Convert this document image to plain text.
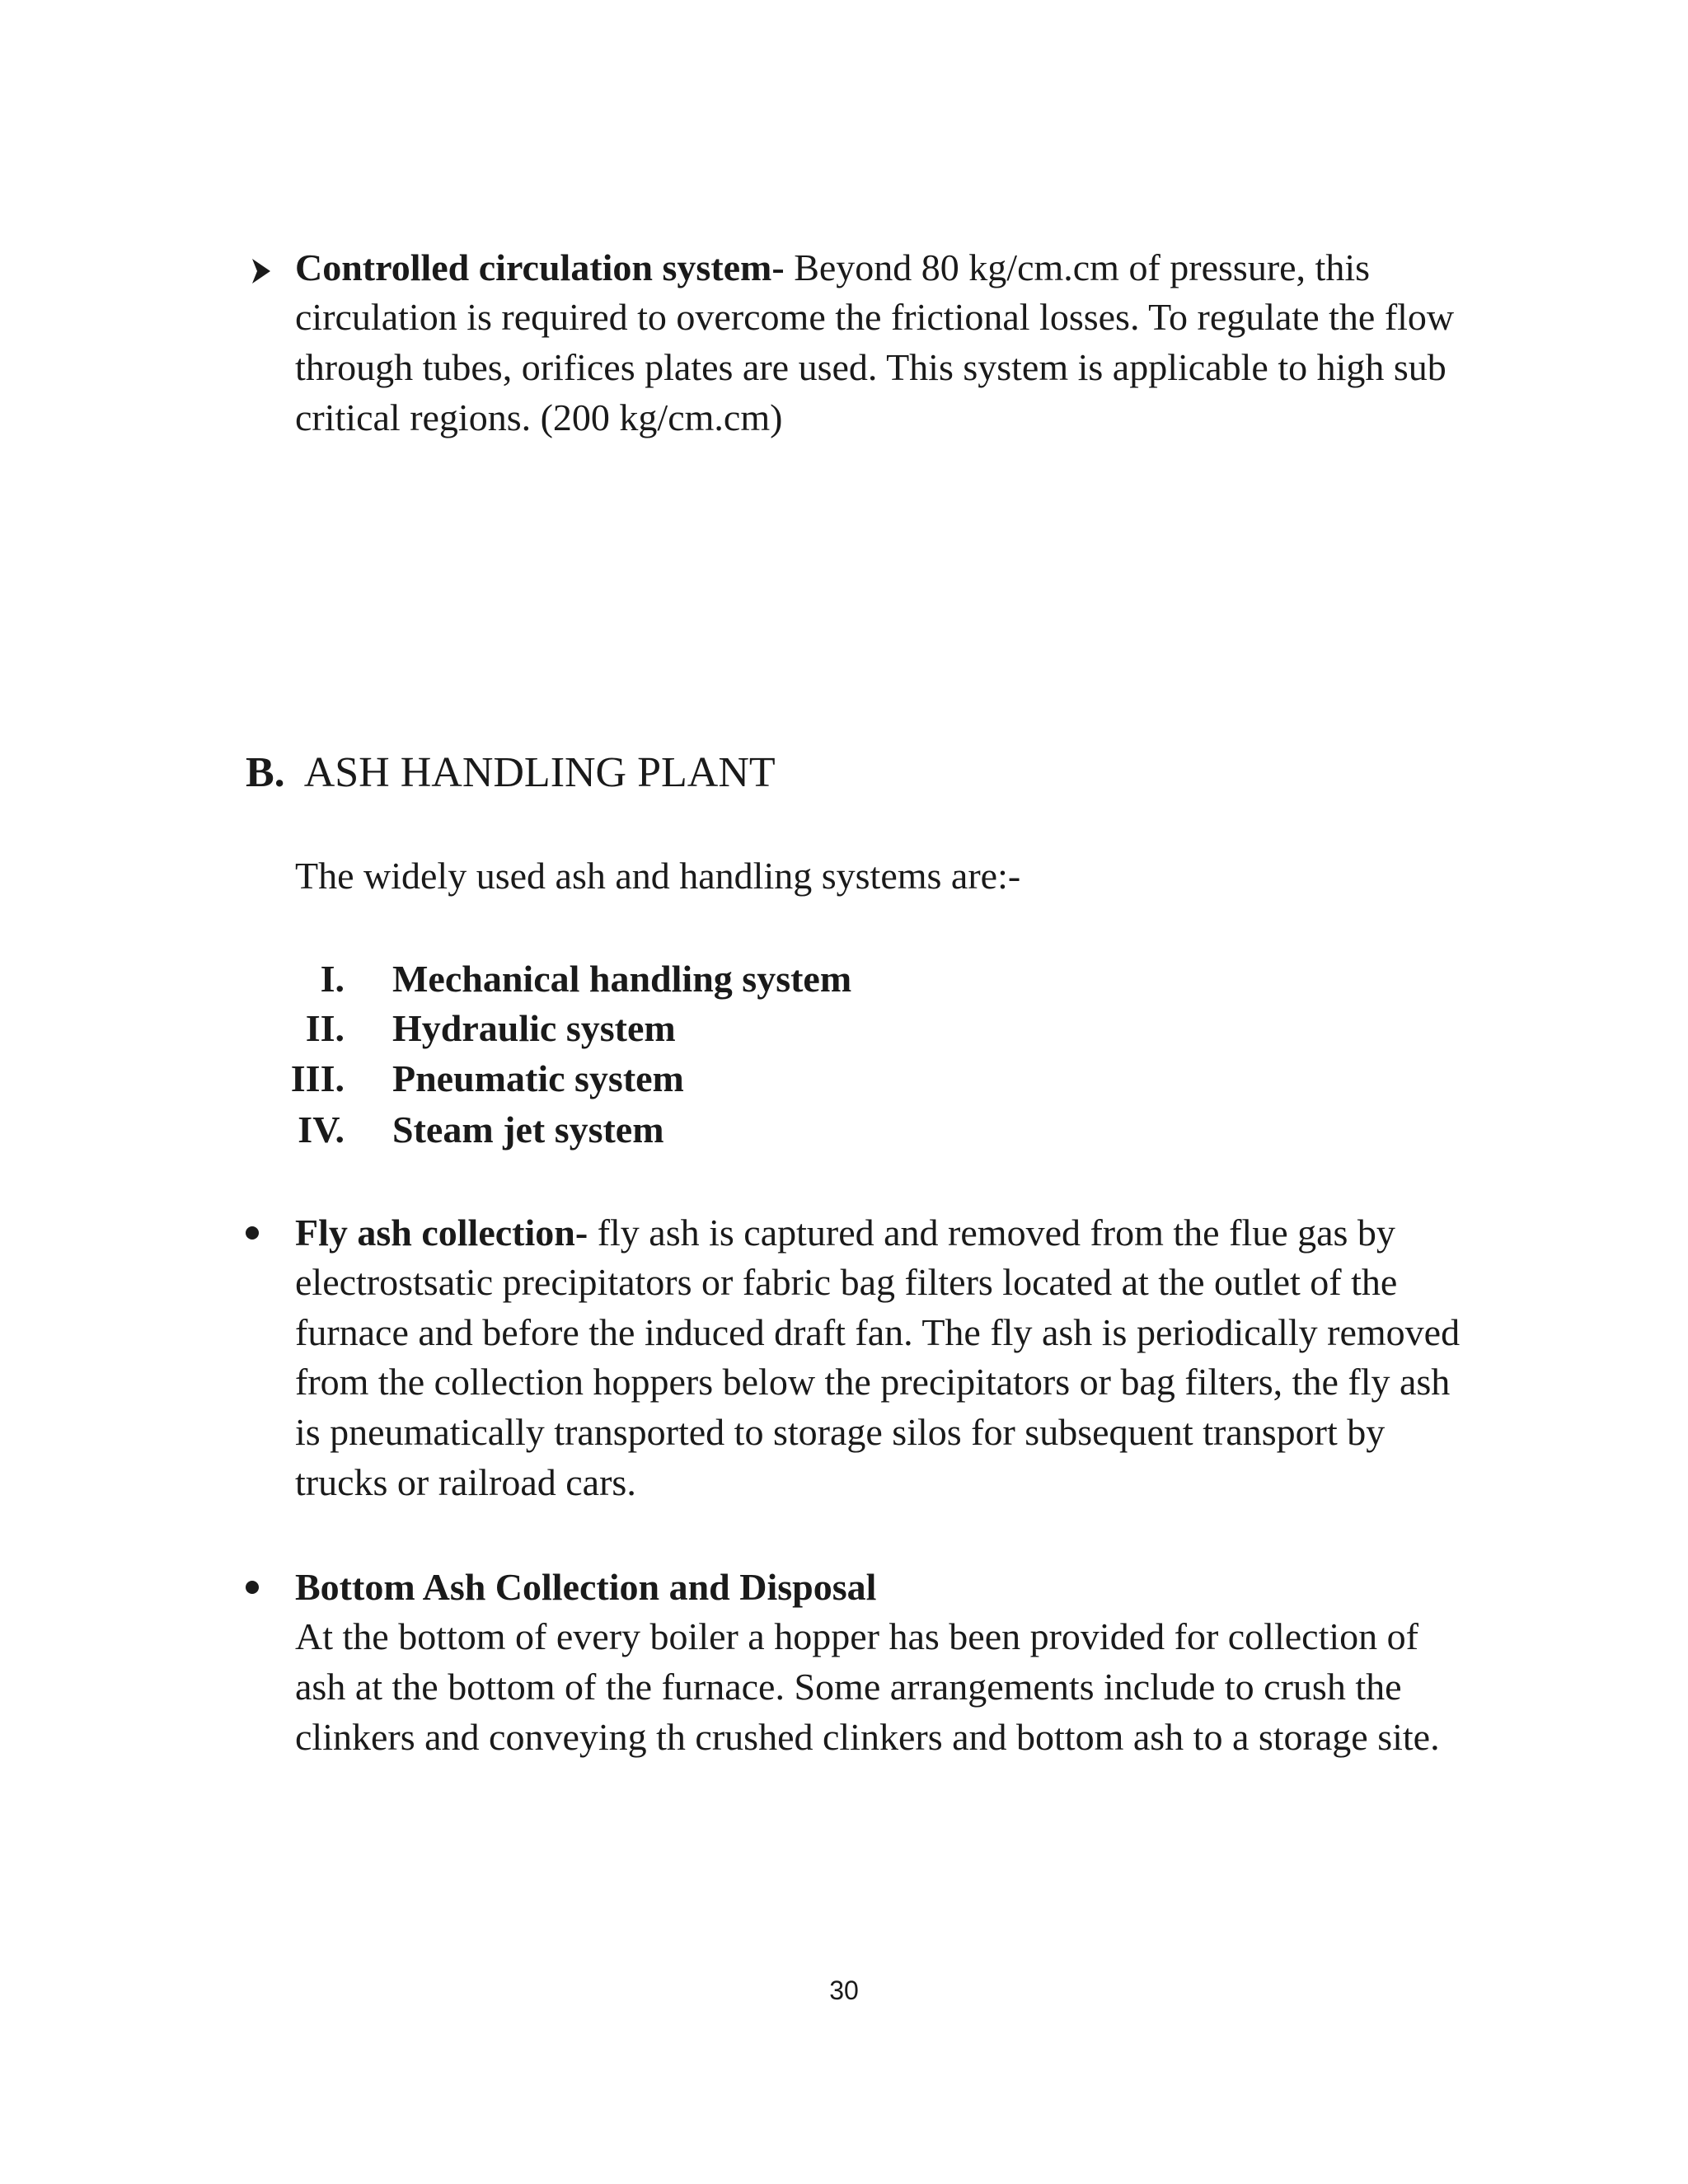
Controlled circulation system- Beyond 80 kg/cm.cm of pressure, this
circulation is required to overcome the frictional losses. To regulate the flow
through tubes, orifices plates are used. This system is applicable to high sub
critical regions. (200 kg/cm.cm)
B. ASH HANDLING PLANT
The widely used ash and handling systems are:-
I. Mechanical handling system
II. Hydraulic system
III. Pneumatic system
IV. Steam jet system
Fly ash collection- fly ash is captured and removed from the flue gas by
electrostsatic precipitators or fabric bag filters located at the outlet of the
furnace and before the induced draft fan. The fly ash is periodically removed
from the collection hoppers below the precipitators or bag filters, the fly ash
is pneumatically transported to storage silos for subsequent transport by
trucks or railroad cars.
Bottom Ash Collection and Disposal
At the bottom of every boiler a hopper has been provided for collection of
ash at the bottom of the furnace. Some arrangements include to crush the
clinkers and conveying th crushed clinkers and bottom ash to a storage site.
30
